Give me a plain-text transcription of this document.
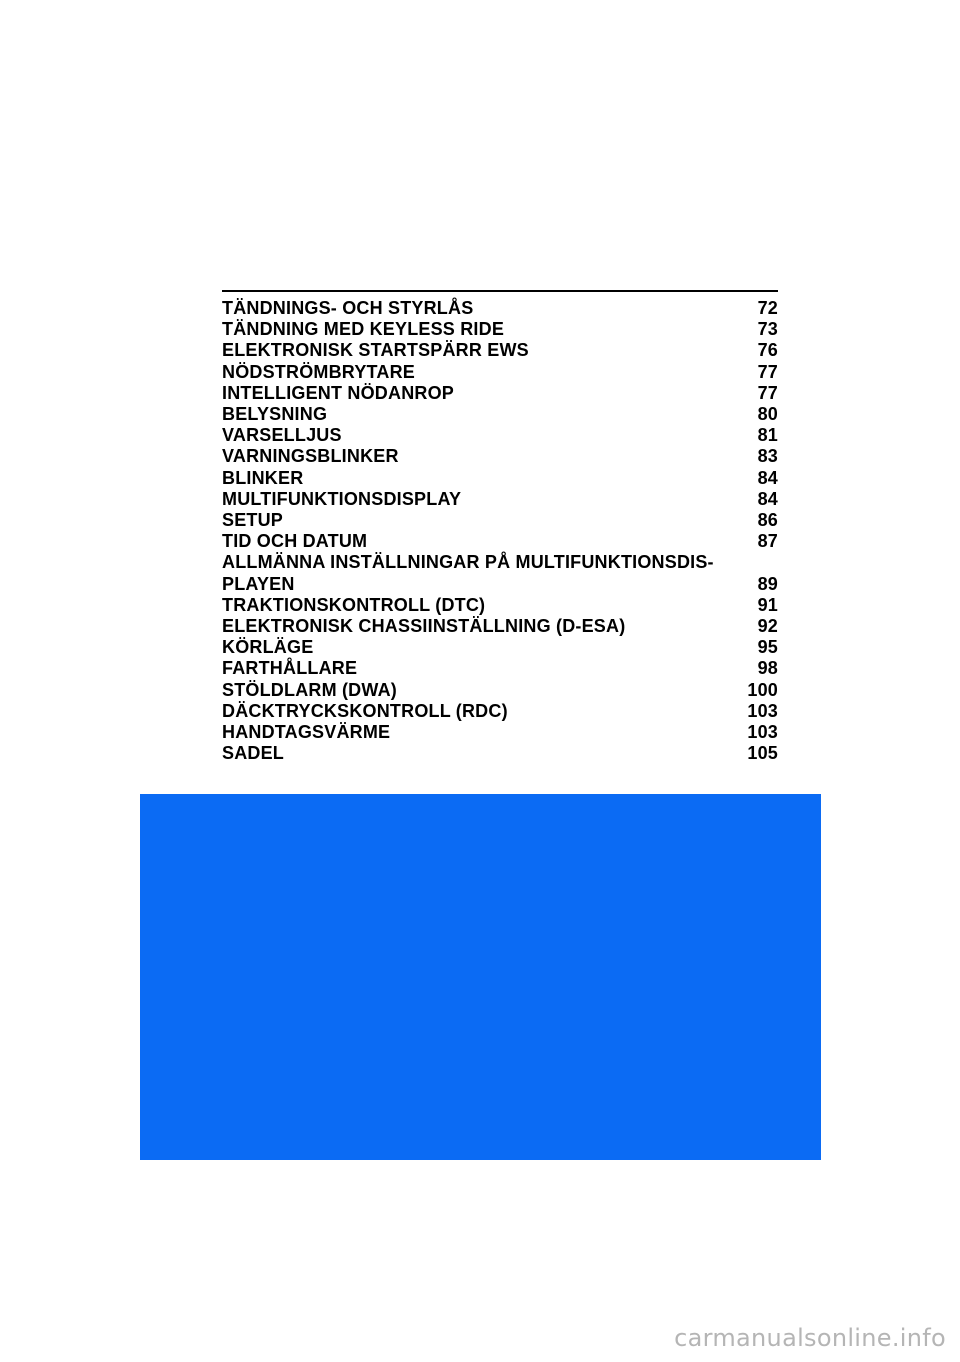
TÄNDNINGS- OCH STYRLÅS	72
TÄNDNING MED KEYLESS RIDE	73
ELEKTRONISK STARTSPÄRR EWS	76
NÖDSTRÖMBRYTARE	77
INTELLIGENT NÖDANROP	77
BELYSNING	80
VARSELLJUS	81
VARNINGSBLINKER	83
BLINKER	84
MULTIFUNKTIONSDISPLAY	84
SETUP	86
TID OCH DATUM	87
ALLMÄNNA INSTÄLLNINGAR PÅ MULTIFUNKTIONSDIS-PLAYEN	89
TRAKTIONSKONTROLL (DTC)	91
ELEKTRONISK CHASSIINSTÄLLNING (D-ESA)	92
KÖRLÄGE	95
FARTHÅLLARE	98
STÖLDLARM (DWA)	100
DÄCKTRYCKSKONTROLL (RDC)	103
HANDTAGSVÄRME	103
SADEL	105
carmanualsonline.info
